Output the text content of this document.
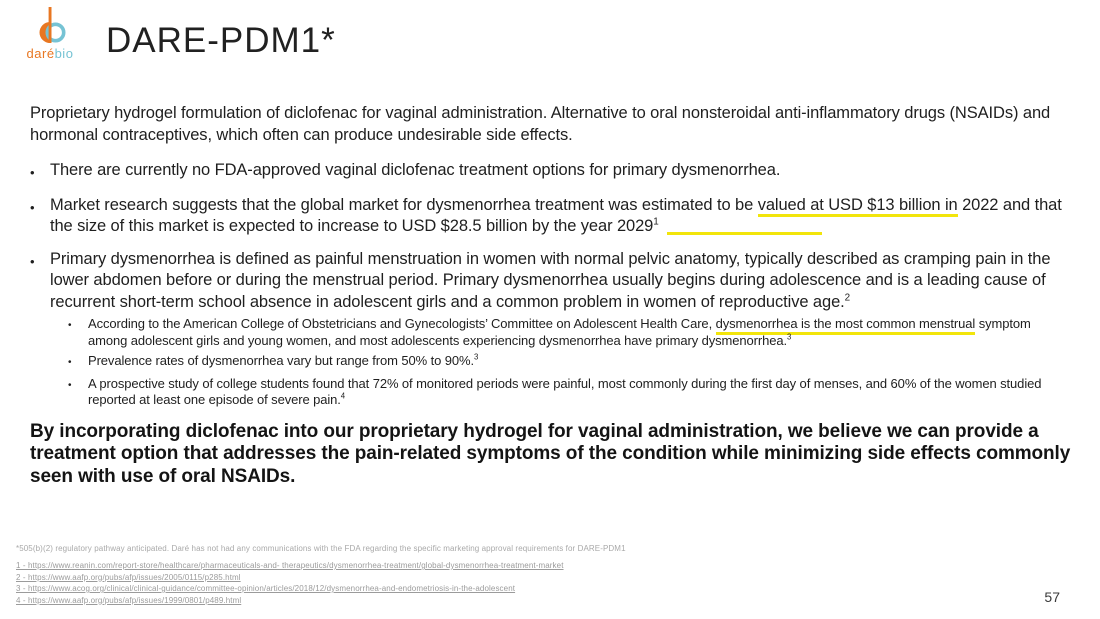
darébio DARE-PDM1*
Proprietary hydrogel formulation of diclofenac for vaginal administration. Alternative to oral nonsteroidal anti-inflammatory drugs (NSAIDs) and hormonal contraceptives, which often can produce undesirable side effects.
• There are currently no FDA-approved vaginal diclofenac treatment options for primary dysmenorrhea.
• Market research suggests that the global market for dysmenorrhea treatment was estimated to be valued at USD $13 billion in 2022 and that the size of this market is expected to increase to USD $28.5 billion by the year 2029$^1$
• Primary dysmenorrhea is defined as painful menstruation in women with normal pelvic anatomy, typically described as cramping pain in the lower abdomen before or during the menstrual period. Primary dysmenorrhea usually begins during adolescence and is a leading cause of recurrent short-term school absence in adolescent girls and a common problem in women of reproductive age.$^2$
•	According to the American College of Obstetricians and Gynecologists’ Committee on Adolescent Health Care, dysmenorrhea is the most common menstrual symptom among adolescent girls and young women, and most adolescents experiencing dysmenorrhea have primary dysmenorrhea.$^3$
•	Prevalence rates of dysmenorrhea vary but range from 50% to 90%.$^3$
•	A prospective study of college students found that 72% of monitored periods were painful, most commonly during the first day of menses, and 60% of the women studied reported at least one episode of severe pain.$^4$
By incorporating diclofenac into our proprietary hydrogel for vaginal administration, we believe we can provide a treatment option that addresses the pain-related symptoms of the condition while minimizing side effects commonly seen with use of oral NSAIDs.
*505(b)(2) regulatory pathway anticipated. Daré has not had any communications with the FDA regarding the specific marketing approval requirements for DARE-PDM1
1 - https://www.reanin.com/report-store/healthcare/pharmaceuticals-and- therapeutics/dysmenorrhea-treatment/global-dysmenorrhea-treatment-market
2 - https://www.aafp.org/pubs/afp/issues/2005/0115/p285.html
3 - https://www.acog.org/clinical/clinical-guidance/committee-opinion/articles/2018/12/dysmenorrhea-and-endometriosis-in-the-adolescent
4 - https://www.aafp.org/pubs/afp/issues/1999/0801/p489.html	57
